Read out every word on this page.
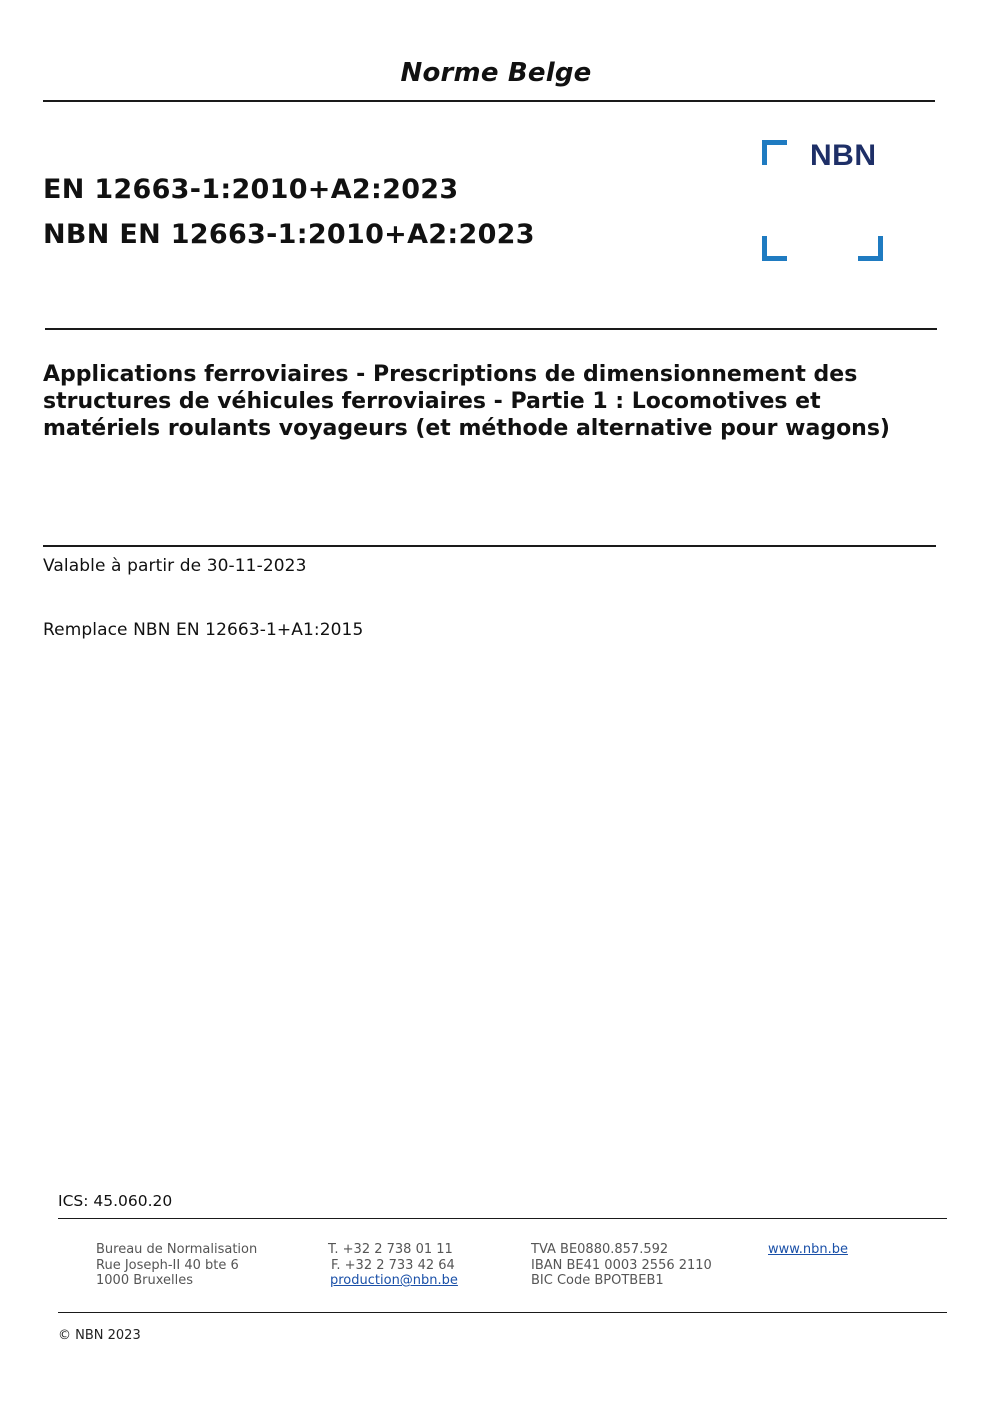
Norme Belge
EN 12663-1:2010+A2:2023
NBN EN 12663-1:2010+A2:2023
NBN
Applications ferroviaires - Prescriptions de dimensionnement des structures de véhicules ferroviaires - Partie 1 : Locomotives et matériels roulants voyageurs (et méthode alternative pour wagons)
Valable à partir de 30-11-2023
Remplace NBN EN 12663-1+A1:2015
ICS: 45.060.20
Bureau de Normalisation
Rue Joseph-II 40 bte 6
1000 Bruxelles
T. +32 2 738 01 11
F. +32 2 733 42 64
production@nbn.be
TVA BE0880.857.592
IBAN BE41 0003 2556 2110
BIC Code BPOTBEB1
www.nbn.be
© NBN 2023
